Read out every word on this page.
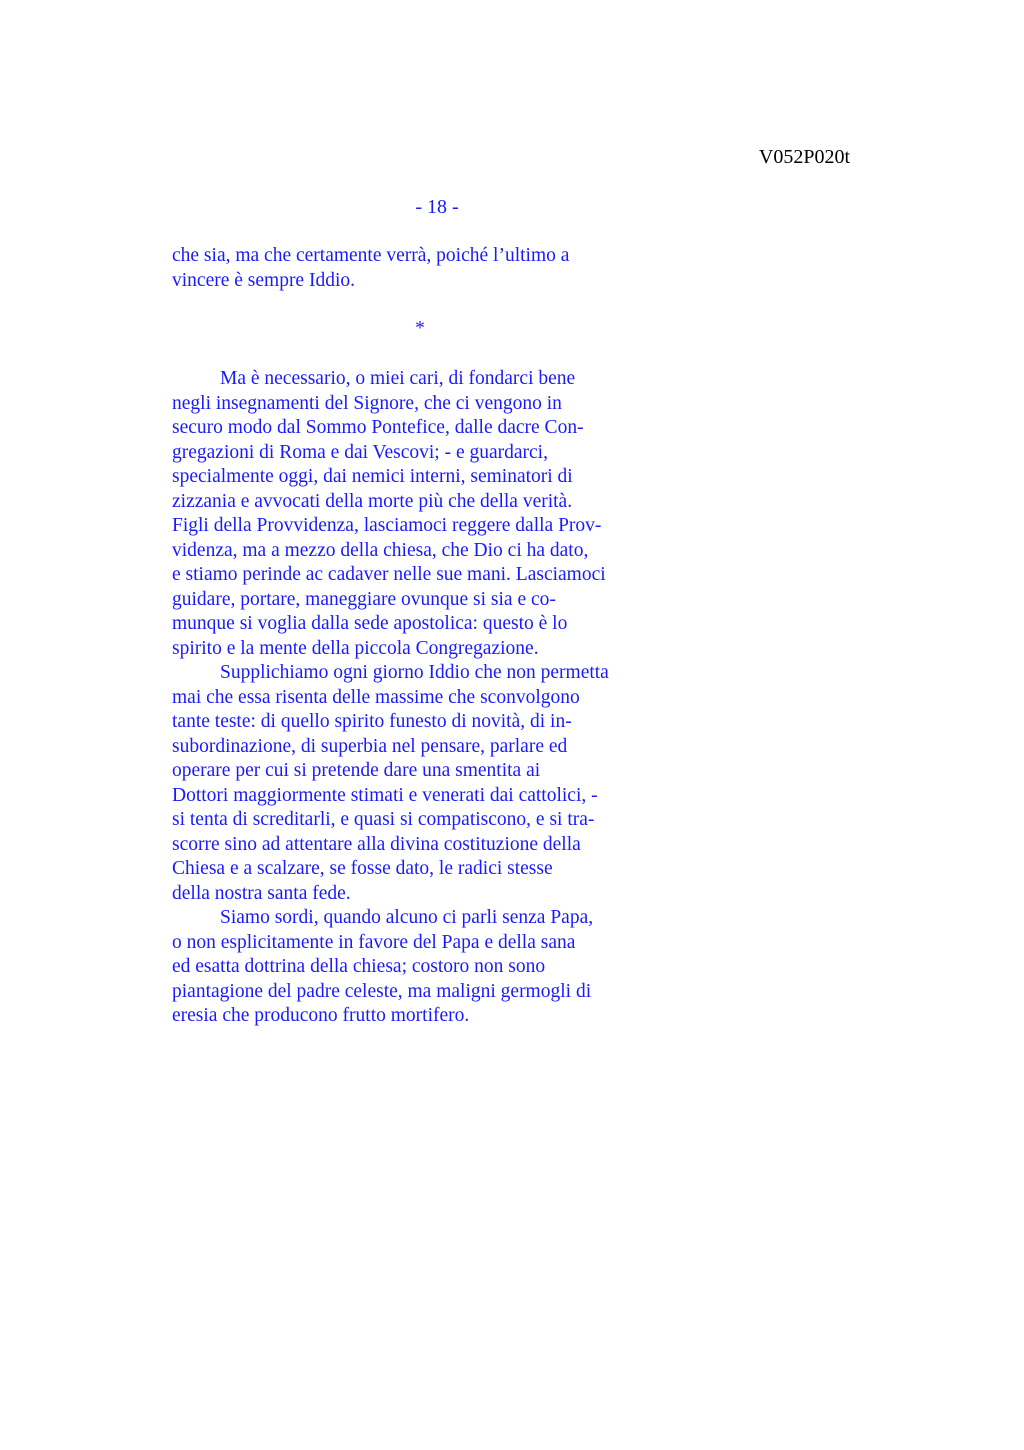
V052P020t
- 18 -
che sia, ma che certamente verrà, poiché l’ultimo a
vincere è sempre Iddio.
*
Ma è necessario, o miei cari, di fondarci bene
negli insegnamenti del Signore, che ci vengono in
securo modo dal Sommo Pontefice, dalle dacre Con-
gregazioni di Roma e dai Vescovi; - e guardarci,
specialmente oggi, dai nemici interni, seminatori di
zizzania e avvocati della morte più che della verità.
Figli della Provvidenza, lasciamoci reggere dalla Prov-
videnza, ma a mezzo della chiesa, che Dio ci ha dato,
e stiamo perinde ac cadaver nelle sue mani. Lasciamoci
guidare, portare, maneggiare ovunque si sia e co-
munque si voglia dalla sede apostolica: questo è lo
spirito e la mente della piccola Congregazione.
Supplichiamo ogni giorno Iddio che non permetta
mai che essa risenta delle massime che sconvolgono
tante teste: di quello spirito funesto di novità, di in-
subordinazione, di superbia nel pensare, parlare ed
operare per cui si pretende dare una smentita ai
Dottori maggiormente stimati e venerati dai cattolici, -
si tenta di screditarli, e quasi si compatiscono, e si tra-
scorre sino ad attentare alla divina costituzione della
Chiesa e a scalzare, se fosse dato, le radici stesse
della nostra santa fede.
Siamo sordi, quando alcuno ci parli senza Papa,
o non esplicitamente in favore del Papa e della sana
ed esatta dottrina della chiesa; costoro non sono
piantagione del padre celeste, ma maligni germogli di
eresia che producono frutto mortifero.
